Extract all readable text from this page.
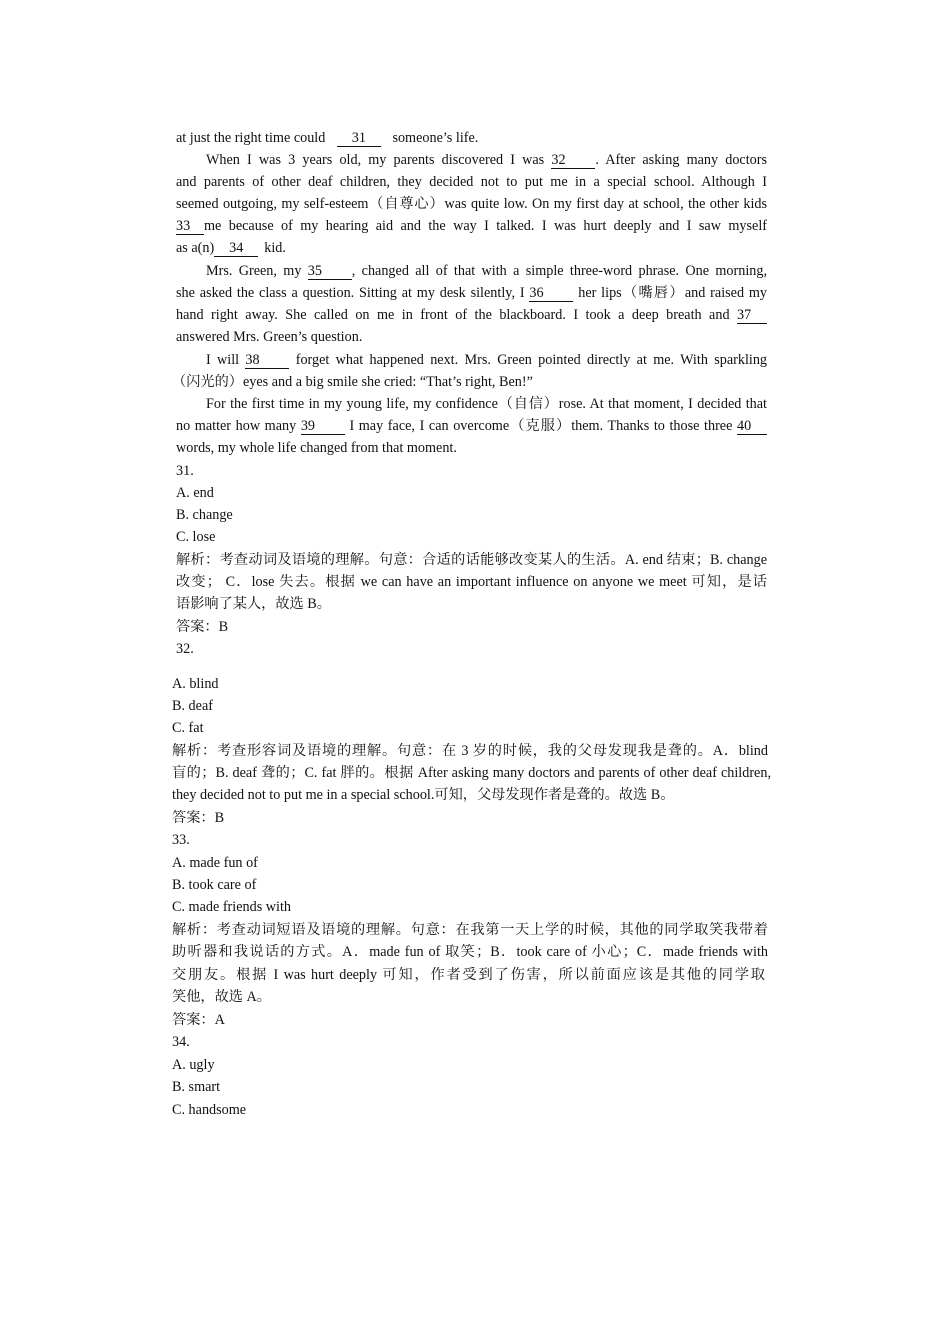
at just the right time could 31 someone’s life.
When I was 3 years old, my parents discovered I was 32 . After asking many doctors
and parents of other deaf children, they decided not to put me in a special school. Although I
seemed outgoing, my self-esteem（自尊心）was quite low. On my first day at school, the other kids
33 me because of my hearing aid and the way I talked. I was hurt deeply and I saw myself
as a(n) 34 kid.
Mrs. Green, my 35 , changed all of that with a simple three-word phrase. One morning,
she asked the class a question. Sitting at my desk silently, I 36 her lips（嘴唇）and raised my
hand right away. She called on me in front of the blackboard. I took a deep breath and 37
answered Mrs. Green’s question.
I will 38	forget what happened next. Mrs. Green pointed directly at me. With sparkling
（闪光的）eyes and a big smile she cried: “That’s right, Ben!”
For the first time in my young life, my confidence（自信）rose. At that moment, I decided that
no matter how many 39 I may face, I can overcome（克服）them. Thanks to those three 40
words, my whole life changed from that moment.
31.
A. end
B. change
C. lose
解析：考查动词及语境的理解。句意：合适的话能够改变某人的生活。A. end 结束；B. change
改变； C．lose 失去。根据 we can have an important influence on anyone we meet 可知，是话
语影响了某人，故选 B。
答案：B
32.
A. blind
B. deaf
C. fat
解析：考查形容词及语境的理解。句意：在 3 岁的时候，我的父母发现我是聋的。A．blind
盲的；B. deaf 聋的；C. fat 胖的。根据 After asking many doctors and parents of other deaf children,
they decided not to put me in a special school.可知，父母发现作者是聋的。故选 B。
答案：B
33.
A. made fun of
B. took care of
C. made friends with
解析：考查动词短语及语境的理解。句意：在我第一天上学的时候，其他的同学取笑我带着
助听器和我说话的方式。A．made fun of 取笑；B．took care of 小心；C．made friends with
交朋友。根据 I was hurt deeply 可知，作者受到了伤害，所以前面应该是其他的同学取
笑他，故选 A。
答案：A
34.
A. ugly
B. smart
C. handsome
